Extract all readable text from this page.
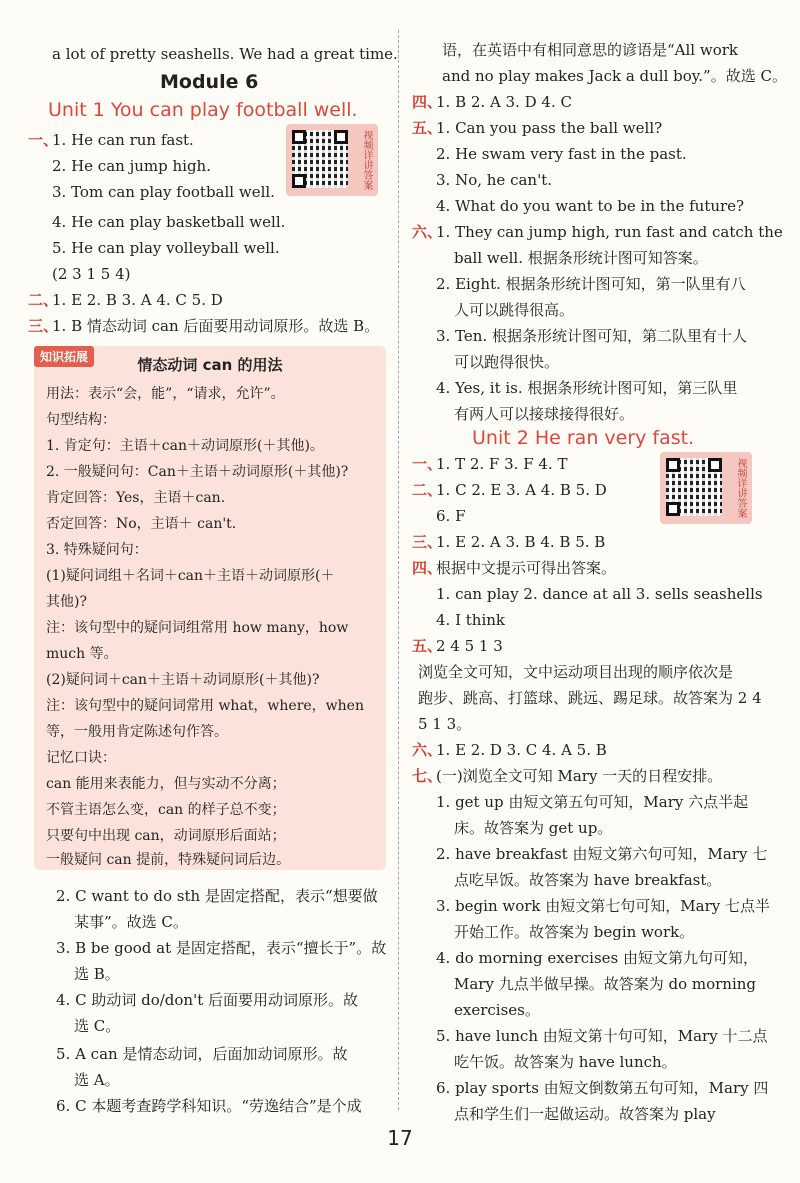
a lot of pretty seashells. We had a great time.
Module 6
Unit 1 You can play football well.
一、
1. He can run fast.
2. He can jump high.
3. Tom can play football well.
4. He can play basketball well.
5. He can play volleyball well.
(2 3 1 5 4)
视频详讲答案
二、
1. E 2. B 3. A 4. C 5. D
三、
1. B 情态动词 can 后面要用动词原形。故选 B。
知识拓展	情态动词 can 的用法
用法：表示“会，能”，“请求，允许”。
句型结构：
1. 肯定句：主语＋can＋动词原形(＋其他)。
2. 一般疑问句：Can＋主语＋动词原形(＋其他)?
肯定回答：Yes，主语＋can.
否定回答：No，主语＋ can't.
3. 特殊疑问句：
(1)疑问词组＋名词＋can＋主语＋动词原形(＋
其他)?
注：该句型中的疑问词组常用 how many，how
much 等。
(2)疑问词＋can＋主语＋动词原形(＋其他)?
注：该句型中的疑问词常用 what，where，when
等，一般用肯定陈述句作答。
记忆口诀：
can 能用来表能力，但与实动不分离；
不管主语怎么变，can 的样子总不变；
只要句中出现 can，动词原形后面站；
一般疑问 can 提前，特殊疑问词后边。
2. C want to do sth 是固定搭配，表示“想要做
某事”。故选 C。
3. B be good at 是固定搭配，表示“擅长于”。故
选 B。
4. C 助动词 do/don't 后面要用动词原形。故
选 C。
5. A can 是情态动词，后面加动词原形。故
选 A。
6. C 本题考查跨学科知识。“劳逸结合”是个成
语，在英语中有相同意思的谚语是“All work
and no play makes Jack a dull boy.”。故选 C。
四、
1. B 2. A 3. D 4. C
五、
1. Can you pass the ball well?
2. He swam very fast in the past.
3. No, he can't.
4. What do you want to be in the future?
六、
1. They can jump high, run fast and catch the
ball well. 根据条形统计图可知答案。
2. Eight. 根据条形统计图可知，第一队里有八
人可以跳得很高。
3. Ten. 根据条形统计图可知，第二队里有十人
可以跑得很快。
4. Yes, it is. 根据条形统计图可知，第三队里
有两人可以接球接得很好。
Unit 2 He ran very fast.
视频详讲答案
一、
1. T 2. F 3. F 4. T
二、
1. C 2. E 3. A 4. B 5. D
6. F
三、
1. E 2. A 3. B 4. B 5. B
四、
根据中文提示可得出答案。
1. can play 2. dance at all 3. sells seashells
4. I think
五、
2 4 5 1 3
浏览全文可知，文中运动项目出现的顺序依次是
跑步、跳高、打篮球、跳远、踢足球。故答案为 2 4
5 1 3。
六、
1. E 2. D 3. C 4. A 5. B
七、
(一)浏览全文可知 Mary 一天的日程安排。
1. get up 由短文第五句可知，Mary 六点半起
床。故答案为 get up。
2. have breakfast 由短文第六句可知，Mary 七
点吃早饭。故答案为 have breakfast。
3. begin work 由短文第七句可知，Mary 七点半
开始工作。故答案为 begin work。
4. do morning exercises 由短文第九句可知，
Mary 九点半做早操。故答案为 do morning
exercises。
5. have lunch 由短文第十句可知，Mary 十二点
吃午饭。故答案为 have lunch。
6. play sports 由短文倒数第五句可知，Mary 四
点和学生们一起做运动。故答案为 play
17
